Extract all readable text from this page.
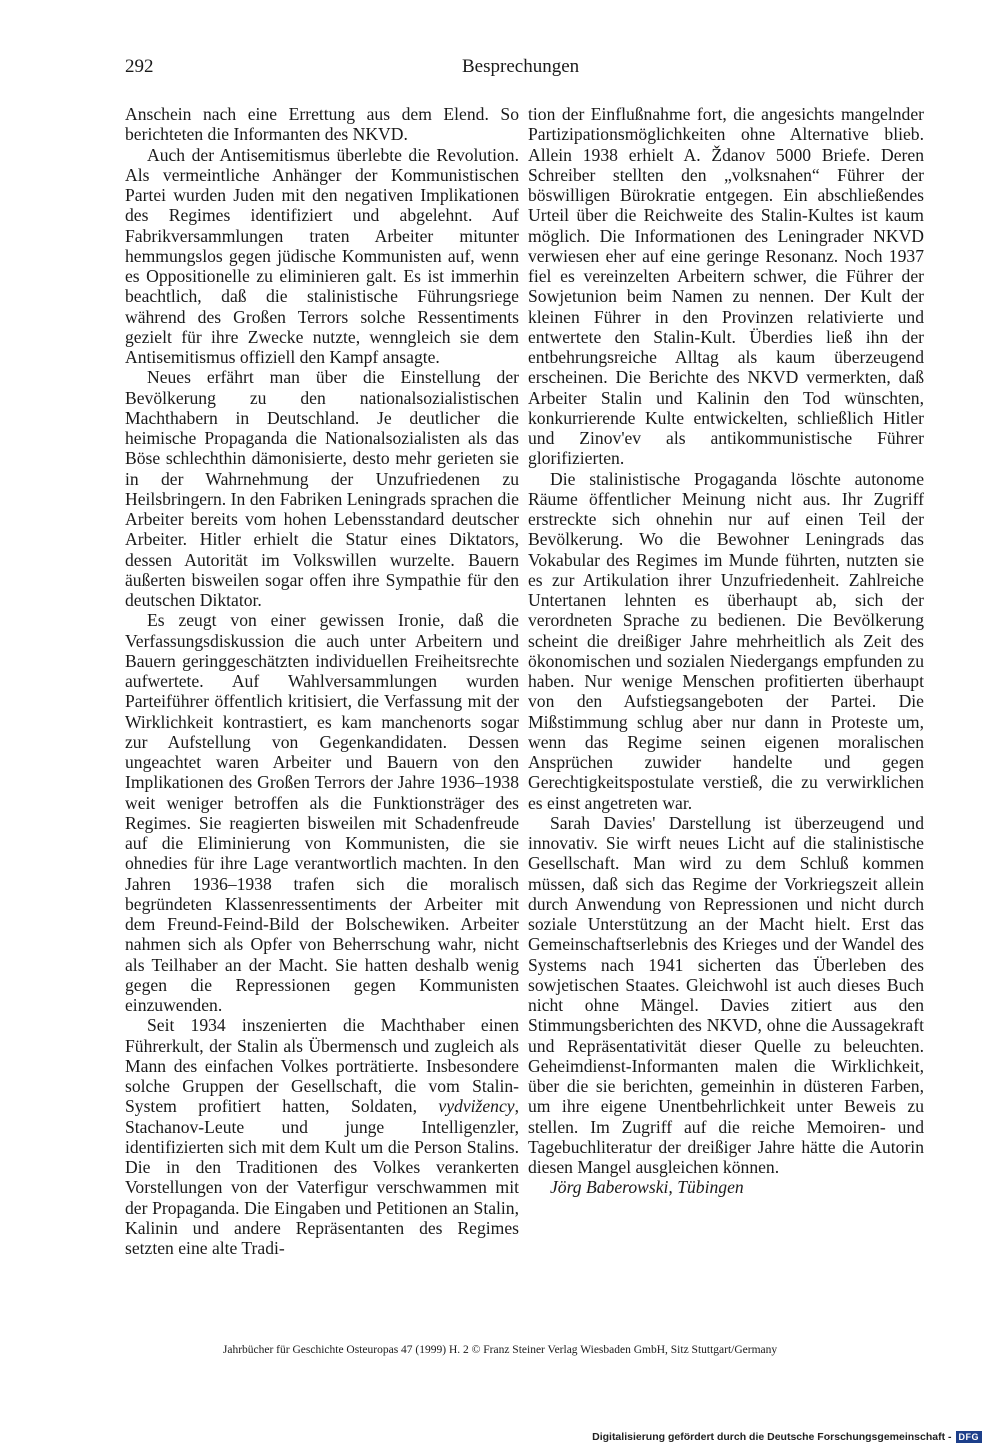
292	Besprechungen

Anschein nach eine Errettung aus dem Elend. So berichteten die Informanten des NKVD.

Auch der Antisemitismus überlebte die Revolution. Als vermeintliche Anhänger der Kommunistischen Partei wurden Juden mit den negativen Implikationen des Regimes identifiziert und abgelehnt. Auf Fabrikversammlungen traten Arbeiter mitunter hemmungslos gegen jüdische Kommunisten auf, wenn es Oppositionelle zu eliminieren galt. Es ist immerhin beachtlich, daß die stalinistische Führungsriege während des Großen Terrors solche Ressentiments gezielt für ihre Zwecke nutzte, wenngleich sie dem Antisemitismus offiziell den Kampf ansagte.

Neues erfährt man über die Einstellung der Bevölkerung zu den nationalsozialistischen Machthabern in Deutschland. Je deutlicher die heimische Propaganda die Nationalsozialisten als das Böse schlechthin dämonisierte, desto mehr gerieten sie in der Wahrnehmung der Unzufriedenen zu Heilsbringern. In den Fabriken Leningrads sprachen die Arbeiter bereits vom hohen Lebensstandard deutscher Arbeiter. Hitler erhielt die Statur eines Diktators, dessen Autorität im Volkswillen wurzelte. Bauern äußerten bisweilen sogar offen ihre Sympathie für den deutschen Diktator.

Es zeugt von einer gewissen Ironie, daß die Verfassungsdiskussion die auch unter Arbeitern und Bauern geringgeschätzten individuellen Freiheitsrechte aufwertete. Auf Wahlversammlungen wurden Parteiführer öffentlich kritisiert, die Verfassung mit der Wirklichkeit kontrastiert, es kam manchenorts sogar zur Aufstellung von Gegenkandidaten. Dessen ungeachtet waren Arbeiter und Bauern von den Implikationen des Großen Terrors der Jahre 1936–1938 weit weniger betroffen als die Funktionsträger des Regimes. Sie reagierten bisweilen mit Schadenfreude auf die Eliminierung von Kommunisten, die sie ohnedies für ihre Lage verantwortlich machten. In den Jahren 1936–1938 trafen sich die moralisch begründeten Klassenressentiments der Arbeiter mit dem Freund-Feind-Bild der Bolschewiken. Arbeiter nahmen sich als Opfer von Beherrschung wahr, nicht als Teilhaber an der Macht. Sie hatten deshalb wenig gegen die Repressionen gegen Kommunisten einzuwenden.

Seit 1934 inszenierten die Machthaber einen Führerkult, der Stalin als Übermensch und zugleich als Mann des einfachen Volkes porträtierte. Insbesondere solche Gruppen der Gesellschaft, die vom Stalin-System profitiert hatten, Soldaten, vydvižency, Stachanov-Leute und junge Intelligenzler, identifizierten sich mit dem Kult um die Person Stalins. Die in den Traditionen des Volkes verankerten Vorstellungen von der Vaterfigur verschwammen mit der Propaganda. Die Eingaben und Petitionen an Stalin, Kalinin und andere Repräsentanten des Regimes setzten eine alte Tradi-

tion der Einflußnahme fort, die angesichts mangelnder Partizipationsmöglichkeiten ohne Alternative blieb. Allein 1938 erhielt A. Ždanov 5000 Briefe. Deren Schreiber stellten den „volksnahen“ Führer der böswilligen Bürokratie entgegen. Ein abschließendes Urteil über die Reichweite des Stalin-Kultes ist kaum möglich. Die Informationen des Leningrader NKVD verwiesen eher auf eine geringe Resonanz. Noch 1937 fiel es vereinzelten Arbeitern schwer, die Führer der Sowjetunion beim Namen zu nennen. Der Kult der kleinen Führer in den Provinzen relativierte und entwertete den Stalin-Kult. Überdies ließ ihn der entbehrungsreiche Alltag als kaum überzeugend erscheinen. Die Berichte des NKVD vermerkten, daß Arbeiter Stalin und Kalinin den Tod wünschten, konkurrierende Kulte entwickelten, schließlich Hitler und Zinov'ev als antikommunistische Führer glorifizierten.

Die stalinistische Progaganda löschte autonome Räume öffentlicher Meinung nicht aus. Ihr Zugriff erstreckte sich ohnehin nur auf einen Teil der Bevölkerung. Wo die Bewohner Leningrads das Vokabular des Regimes im Munde führten, nutzten sie es zur Artikulation ihrer Unzufriedenheit. Zahlreiche Untertanen lehnten es überhaupt ab, sich der verordneten Sprache zu bedienen. Die Bevölkerung scheint die dreißiger Jahre mehrheitlich als Zeit des ökonomischen und sozialen Niedergangs empfunden zu haben. Nur wenige Menschen profitierten überhaupt von den Aufstiegsangeboten der Partei. Die Mißstimmung schlug aber nur dann in Proteste um, wenn das Regime seinen eigenen moralischen Ansprüchen zuwider handelte und gegen Gerechtigkeitspostulate verstieß, die zu verwirklichen es einst angetreten war.

Sarah Davies' Darstellung ist überzeugend und innovativ. Sie wirft neues Licht auf die stalinistische Gesellschaft. Man wird zu dem Schluß kommen müssen, daß sich das Regime der Vorkriegszeit allein durch Anwendung von Repressionen und nicht durch soziale Unterstützung an der Macht hielt. Erst das Gemeinschaftserlebnis des Krieges und der Wandel des Systems nach 1941 sicherten das Überleben des sowjetischen Staates. Gleichwohl ist auch dieses Buch nicht ohne Mängel. Davies zitiert aus den Stimmungsberichten des NKVD, ohne die Aussagekraft und Repräsentativität dieser Quelle zu beleuchten. Geheimdienst-Informanten malen die Wirklichkeit, über die sie berichten, gemeinhin in düsteren Farben, um ihre eigene Unentbehrlichkeit unter Beweis zu stellen. Im Zugriff auf die reiche Memoiren- und Tagebuchliteratur der dreißiger Jahre hätte die Autorin diesen Mangel ausgleichen können.

Jörg Baberowski, Tübingen

Jahrbücher für Geschichte Osteuropas 47 (1999) H. 2 © Franz Steiner Verlag Wiesbaden GmbH, Sitz Stuttgart/Germany
Digitalisierung gefördert durch die Deutsche Forschungsgemeinschaft - DFG
